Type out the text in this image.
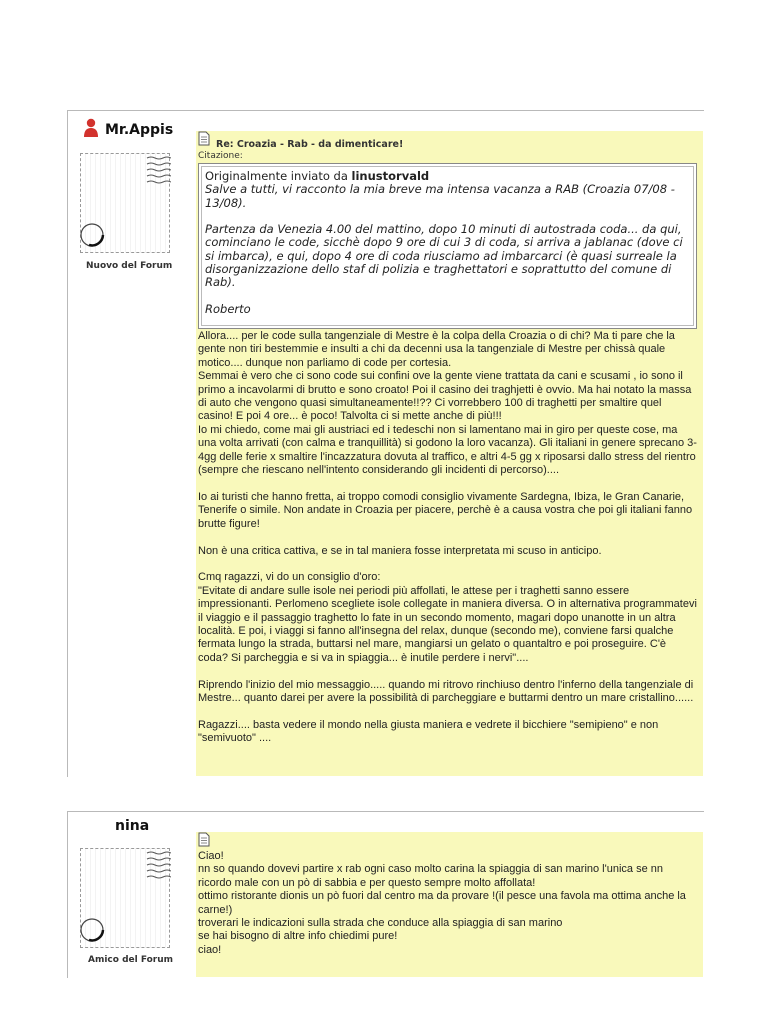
Mr.Appis
Nuovo del Forum
Re: Croazia - Rab - da dimenticare!
Citazione:
Originalmente inviato da linustorvald
Salve a tutti, vi racconto la mia breve ma intensa vacanza a RAB (Croazia 07/08 - 13/08).

Partenza da Venezia 4.00 del mattino, dopo 10 minuti di autostrada coda... da qui, cominciano le code, sicchè dopo 9 ore di cui 3 di coda, si arriva a jablanac (dove ci si imbarca), e qui, dopo 4 ore di coda riusciamo ad imbarcarci (è quasi surreale la disorganizzazione dello staf di polizia e traghettatori e soprattutto del comune di Rab).

Roberto
Allora.... per le code sulla tangenziale di Mestre è la colpa della Croazia o di chi? Ma ti pare che la gente non tiri bestemmie e insulti a chi da decenni usa la tangenziale di Mestre per chissà quale motico.... dunque non parliamo di code per cortesia.
Semmai è vero che ci sono code sui confini ove la gente viene trattata da cani e scusami , io sono il primo a incavolarmi di brutto e sono croato! Poi il casino dei traghjetti è ovvio. Ma hai notato la massa di auto che vengono quasi simultaneamente!!?? Ci vorrebbero 100 di traghetti per smaltire quel casino! E poi 4 ore... è poco! Talvolta ci si mette anche di più!!!
Io mi chiedo, come mai gli austriaci ed i tedeschi non si lamentano mai in giro per queste cose, ma una volta arrivati (con calma e tranquillità) si godono la loro vacanza). Gli italiani in genere sprecano 3-4gg delle ferie x smaltire l'incazzatura dovuta al traffico, e altri 4-5 gg x riposarsi dallo stress del rientro (sempre che riescano nell'intento considerando gli incidenti di percorso)....

Io ai turisti che hanno fretta, ai troppo comodi consiglio vivamente Sardegna, Ibiza, le Gran Canarie, Tenerife o simile. Non andate in Croazia per piacere, perchè è a causa vostra che poi gli italiani fanno brutte figure!

Non è una critica cattiva, e se in tal maniera fosse interpretata mi scuso in anticipo.

Cmq ragazzi, vi do un consiglio d'oro:
"Evitate di andare sulle isole nei periodi più affollati, le attese per i traghetti sanno essere impressionanti. Perlomeno scegliete isole collegate in maniera diversa. O in alternativa programmatevi il viaggio e il passaggio traghetto lo fate in un secondo momento, magari dopo unanotte in un altra località. E poi, i viaggi si fanno all'insegna del relax, dunque (secondo me), conviene farsi qualche fermata lungo la strada, buttarsi nel mare, mangiarsi un gelato o quantaltro e poi proseguire. C'è coda? Si parcheggia e si va in spiaggia... è inutile perdere i nervi"....

Riprendo l'inizio del mio messaggio..... quando mi ritrovo rinchiuso dentro l'inferno della tangenziale di Mestre... quanto darei per avere la possibilità di parcheggiare e buttarmi dentro un mare cristallino......

Ragazzi.... basta vedere il mondo nella giusta maniera e vedrete il bicchiere "semipieno" e non "semivuoto" ....
nina
Amico del Forum
Ciao!
nn so quando dovevi partire x rab ogni caso molto carina la spiaggia di san marino l'unica se nn ricordo male con un pò di sabbia e per questo sempre molto affollata!
ottimo ristorante dionis un pò fuori dal centro ma da provare !(il pesce una favola ma ottima anche la carne!)
troverari le indicazioni sulla strada che conduce alla spiaggia di san marino
se hai bisogno di altre info chiedimi pure!
ciao!
